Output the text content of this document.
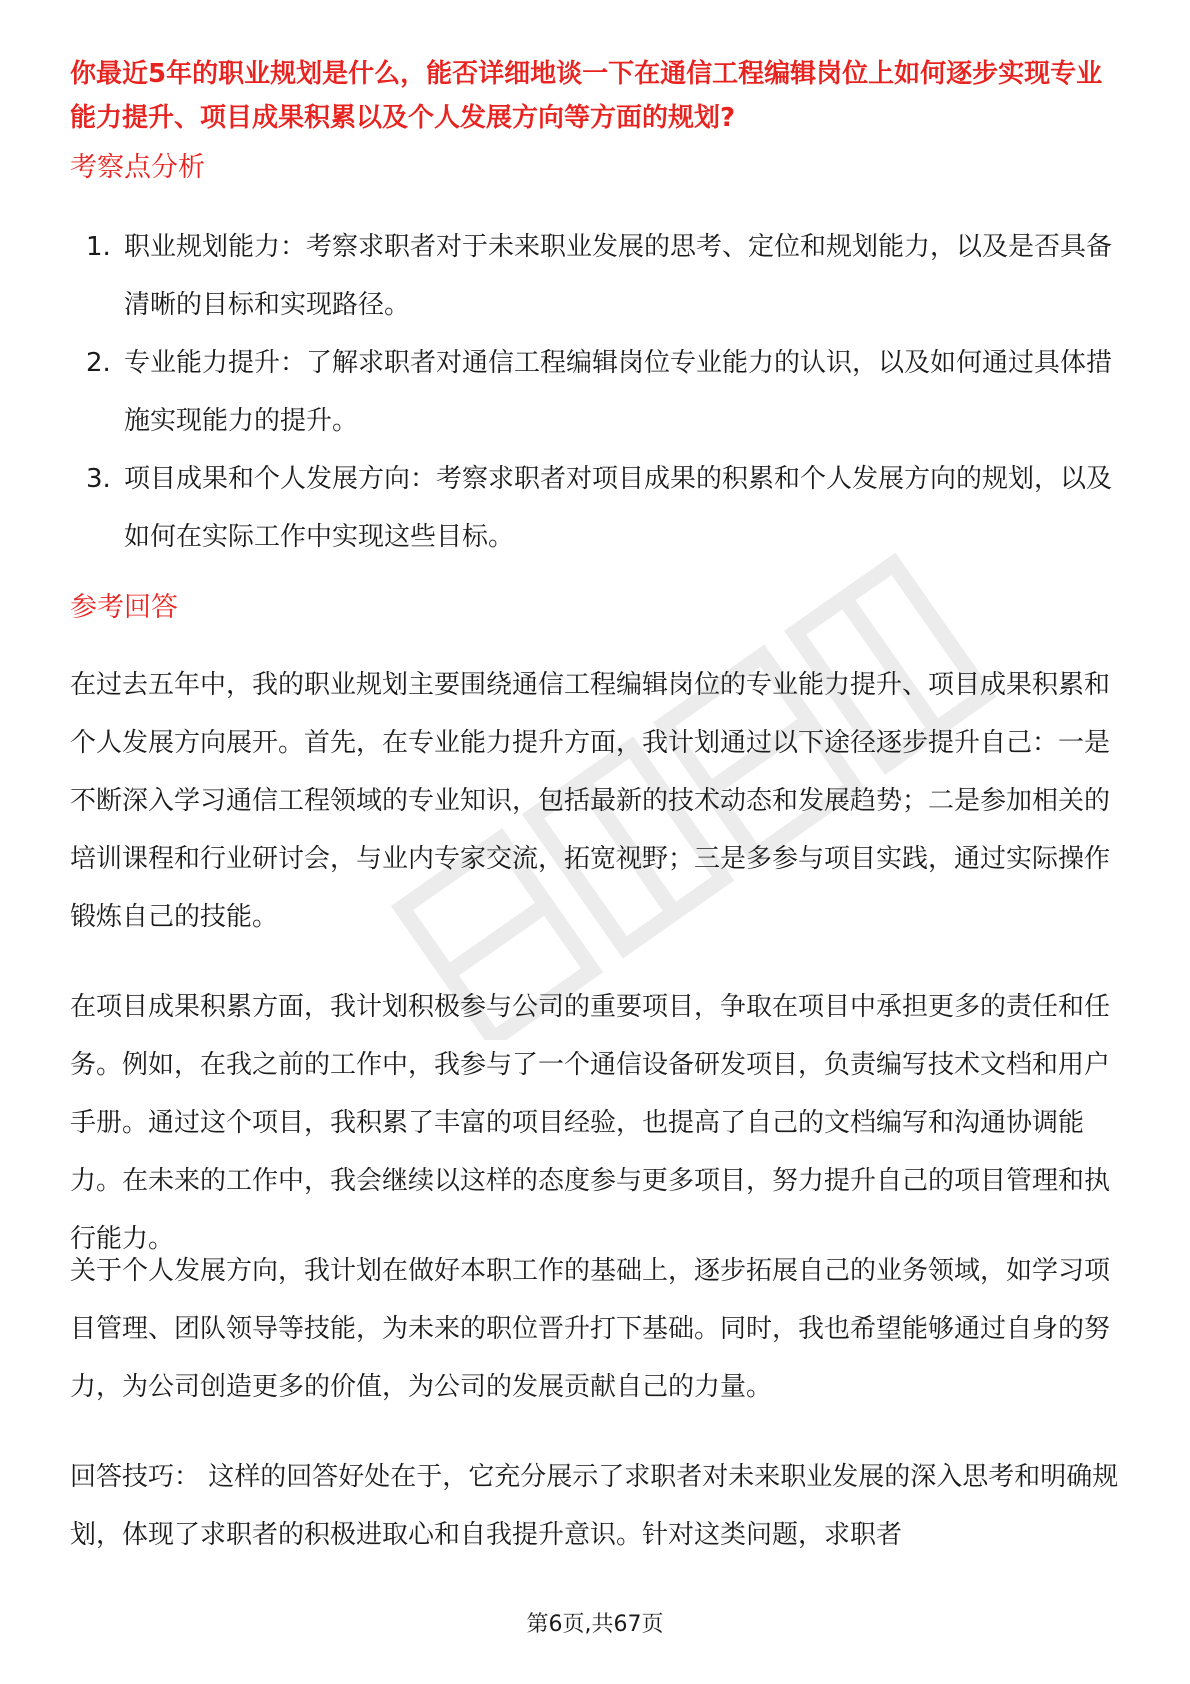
你最近5年的职业规划是什么，能否详细地谈一下在通信工程编辑岗位上如何逐步实现专业能力提升、项目成果积累以及个人发展方向等方面的规划?

考察点分析
1. 职业规划能力：考察求职者对于未来职业发展的思考、定位和规划能力，以及是否具备清晰的目标和实现路径。
2. 专业能力提升：了解求职者对通信工程编辑岗位专业能力的认识，以及如何通过具体措施实现能力的提升。
3. 项目成果和个人发展方向：考察求职者对项目成果的积累和个人发展方向的规划，以及如何在实际工作中实现这些目标。
参考回答

在过去五年中，我的职业规划主要围绕通信工程编辑岗位的专业能力提升、项目成果积累和个人发展方向展开。首先，在专业能力提升方面，我计划通过以下途径逐步提升自己：一是不断深入学习通信工程领域的专业知识，包括最新的技术动态和发展趋势；二是参加相关的培训课程和行业研讨会，与业内专家交流，拓宽视野；三是多参与项目实践，通过实际操作锻炼自己的技能。

在项目成果积累方面，我计划积极参与公司的重要项目，争取在项目中承担更多的责任和任务。例如，在我之前的工作中，我参与了一个通信设备研发项目，负责编写技术文档和用户手册。通过这个项目，我积累了丰富的项目经验，也提高了自己的文档编写和沟通协调能力。在未来的工作中，我会继续以这样的态度参与更多项目，努力提升自己的项目管理和执行能力。

关于个人发展方向，我计划在做好本职工作的基础上，逐步拓展自己的业务领域，如学习项目管理、团队领导等技能，为未来的职位晋升打下基础。同时，我也希望能够通过自身的努力，为公司创造更多的价值，为公司的发展贡献自己的力量。

回答技巧： 这样的回答好处在于，它充分展示了求职者对未来职业发展的深入思考和明确规划，体现了求职者的积极进取心和自我提升意识。针对这类问题，求职者

第6页,共67页
